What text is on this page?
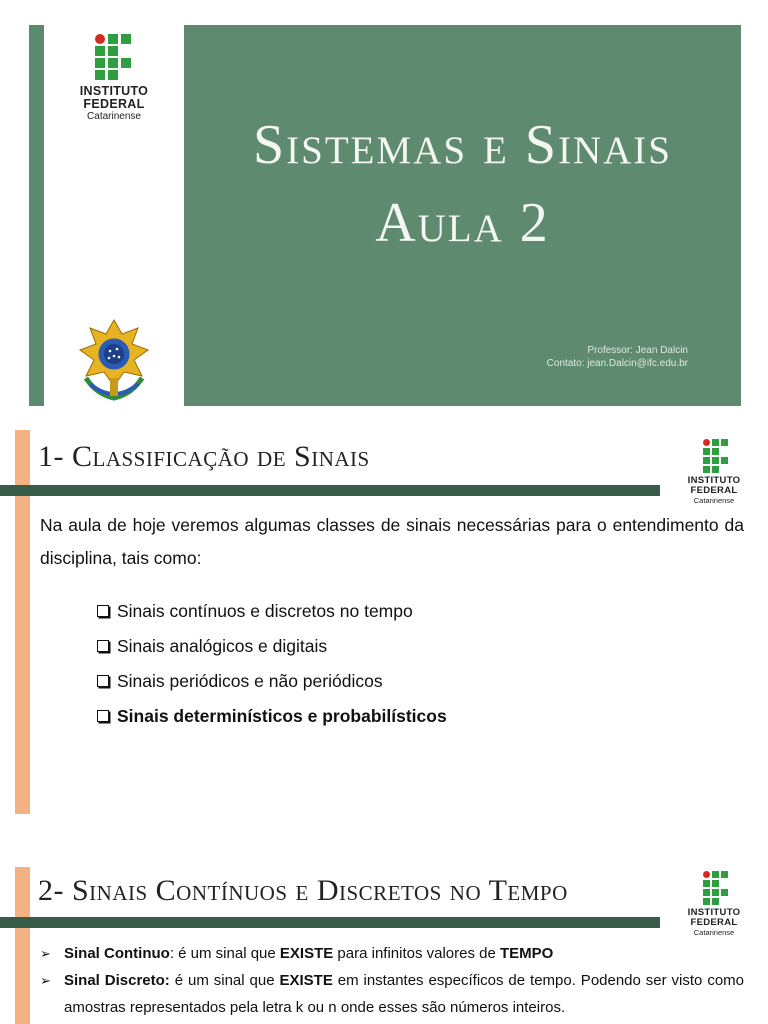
INSTITUTO
FEDERAL
Catarinense	Sistemas e Sinais
Aula 2
Professor: Jean Dalcin
Contato: jean.Dalcin@ifc.edu.br
1- Classificação de Sinais
INSTITUTO
FEDERAL
Catarinense
Na aula de hoje veremos algumas classes de sinais necessárias para o entendimento da disciplina, tais como:
Sinais contínuos e discretos no tempo
Sinais analógicos e digitais
Sinais periódicos e não periódicos
Sinais determinísticos e probabilísticos
2- Sinais Contínuos e Discretos no Tempo
INSTITUTO
FEDERAL
Catarinense
➢ Sinal Continuo: é um sinal que EXISTE para infinitos valores de TEMPO
➢ Sinal Discreto: é um sinal que EXISTE em instantes específicos de tempo. Podendo ser visto como amostras representados pela letra k ou n onde esses são números inteiros.
